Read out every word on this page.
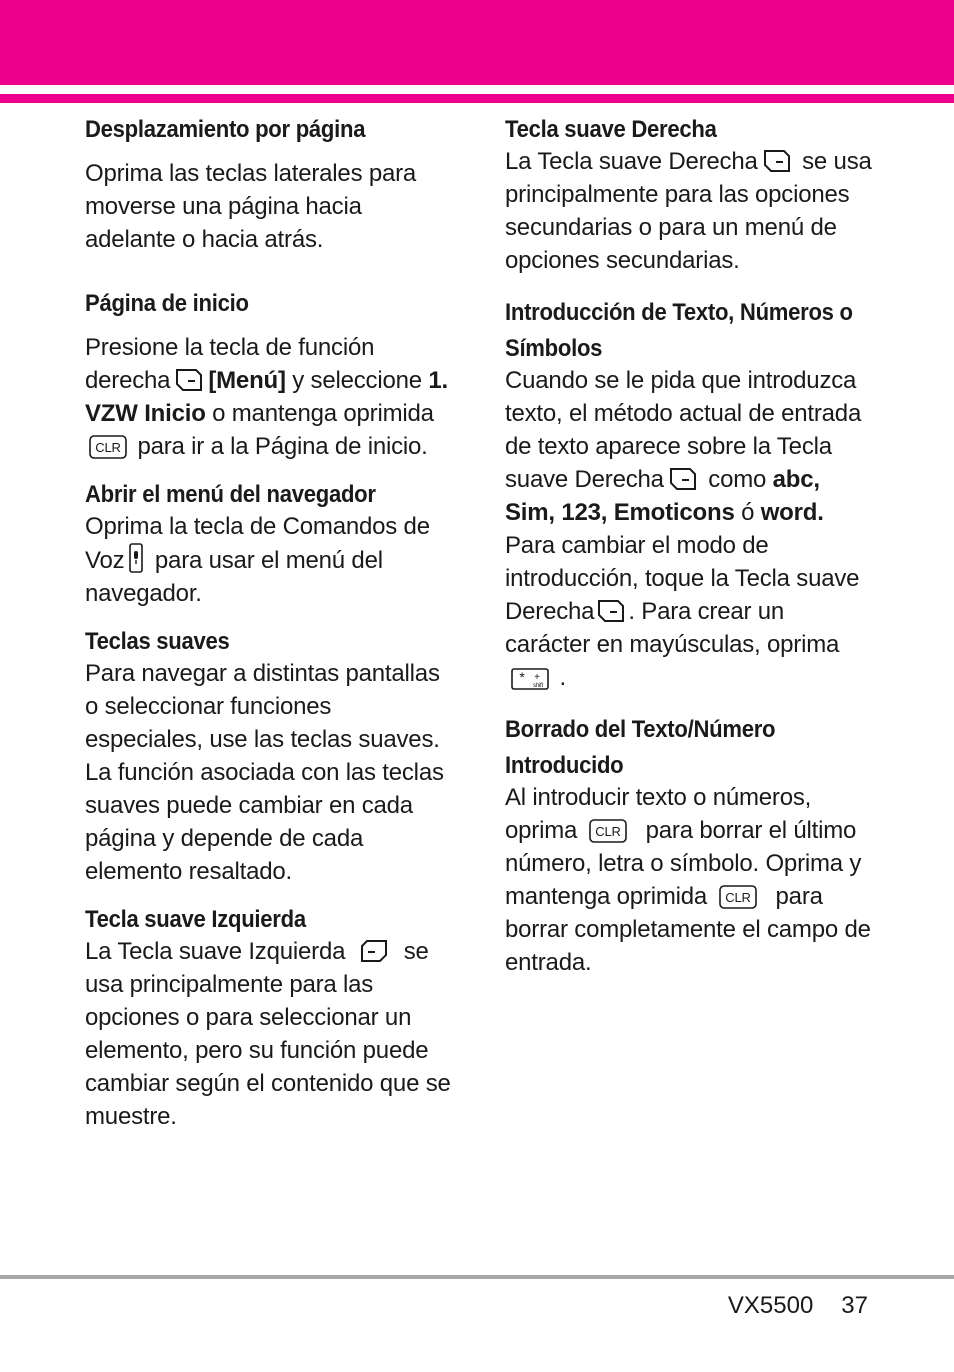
Desplazamiento por página

Oprima las teclas laterales para moverse una página hacia adelante o hacia atrás.

Página de inicio

Presione la tecla de función derecha [Menú] y seleccione 1. VZW Inicio o mantenga oprimida

CLR para ir a la Página de inicio.

Abrir el menú del navegador

Oprima la tecla de Comandos de Voz
para usar el menú del navegador.

Teclas suaves

Para navegar a distintas pantallas o seleccionar funciones especiales, use las teclas suaves. La función asociada con las teclas suaves puede cambiar en cada página y depende de cada elemento resaltado.

Tecla suave Izquierda

La Tecla suave Izquierda
se usa principalmente para las opciones o para seleccionar un elemento, pero su función puede cambiar según el contenido que se muestre.

Tecla suave Derecha

La Tecla suave Derecha
se usa principalmente para las opciones secundarias o para un menú de opciones secundarias.

Introducción de Texto, Números o Símbolos

Cuando se le pida que introduzca texto, el método actual de entrada de texto aparece sobre la Tecla suave Derecha
como abc, Sim, 123, Emoticons ó word.

Para cambiar el modo de introducción, toque la Tecla suave Derecha . Para crear un carácter en mayúsculas, oprima

* +
shift .

Borrado del Texto/Número Introducido

Al introducir texto o números, oprima CLR para borrar el último número, letra o símbolo. Oprima y mantenga oprimida CLR para borrar completamente el campo de entrada.

VX5500 37
